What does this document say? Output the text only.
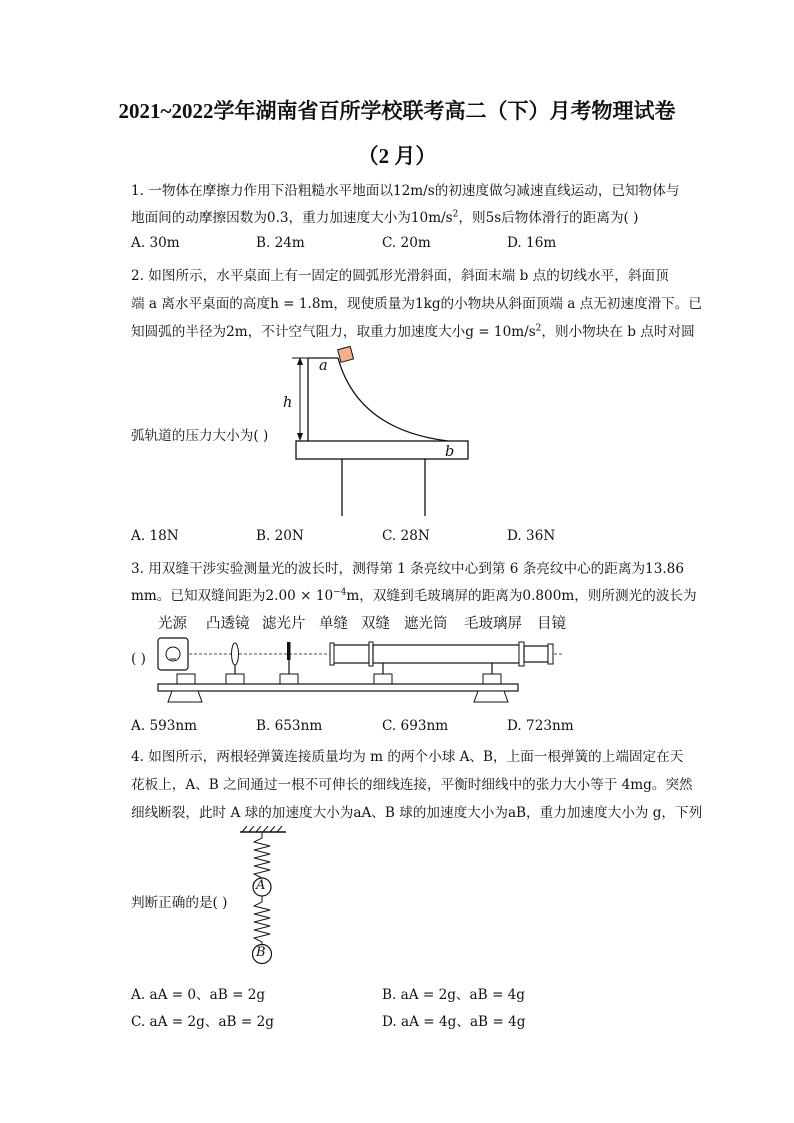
2021~2022学年湖南省百所学校联考高二（下）月考物理试卷
（2 月）
1. 一物体在摩擦力作用下沿粗糙水平地面以12m/s的初速度做匀减速直线运动，已知物体与
地面间的动摩擦因数为0.3，重力加速度大小为$10m/s^2$，则5s后物体滑行的距离为( )
A. 30m	B. 24m	C. 20m	D. 16m
2. 如图所示，水平桌面上有一固定的圆弧形光滑斜面，斜面末端 b 点的切线水平，斜面顶
端 a 离水平桌面的高度h = 1.8m，现使质量为1kg的小物块从斜面顶端 a 点无初速度滑下。已
知圆弧的半径为2m，不计空气阻力，取重力加速度大小$g = 10m/s^2$，则小物块在 b 点时对圆
弧轨道的压力大小为( )
a
h
b
A. 18N	B. 20N	C. 28N	D. 36N
3. 用双缝干涉实验测量光的波长时，测得第 1 条亮纹中心到第 6 条亮纹中心的距离为13.86
mm。已知双缝间距为$2.00 \times 10^{-4}m$，双缝到毛玻璃屏的距离为0.800m，则所测光的波长为
( )
光源 凸透镜 滤光片 单缝 双缝 遮光筒 毛玻璃屏 目镜
A. 593nm	B. 653nm	C. 693nm	D. 723nm
4. 如图所示，两根轻弹簧连接质量均为 m 的两个小球 A、B，上面一根弹簧的上端固定在天
花板上，A、B 之间通过一根不可伸长的细线连接，平衡时细线中的张力大小等于 4mg。突然
细线断裂，此时 A 球的加速度大小为aA、B 球的加速度大小为aB，重力加速度大小为 g，下列
判断正确的是( )
A
B
A. aA = 0、aB = 2g	B. aA = 2g、aB = 4g
C. aA = 2g、aB = 2g	D. aA = 4g、aB = 4g
